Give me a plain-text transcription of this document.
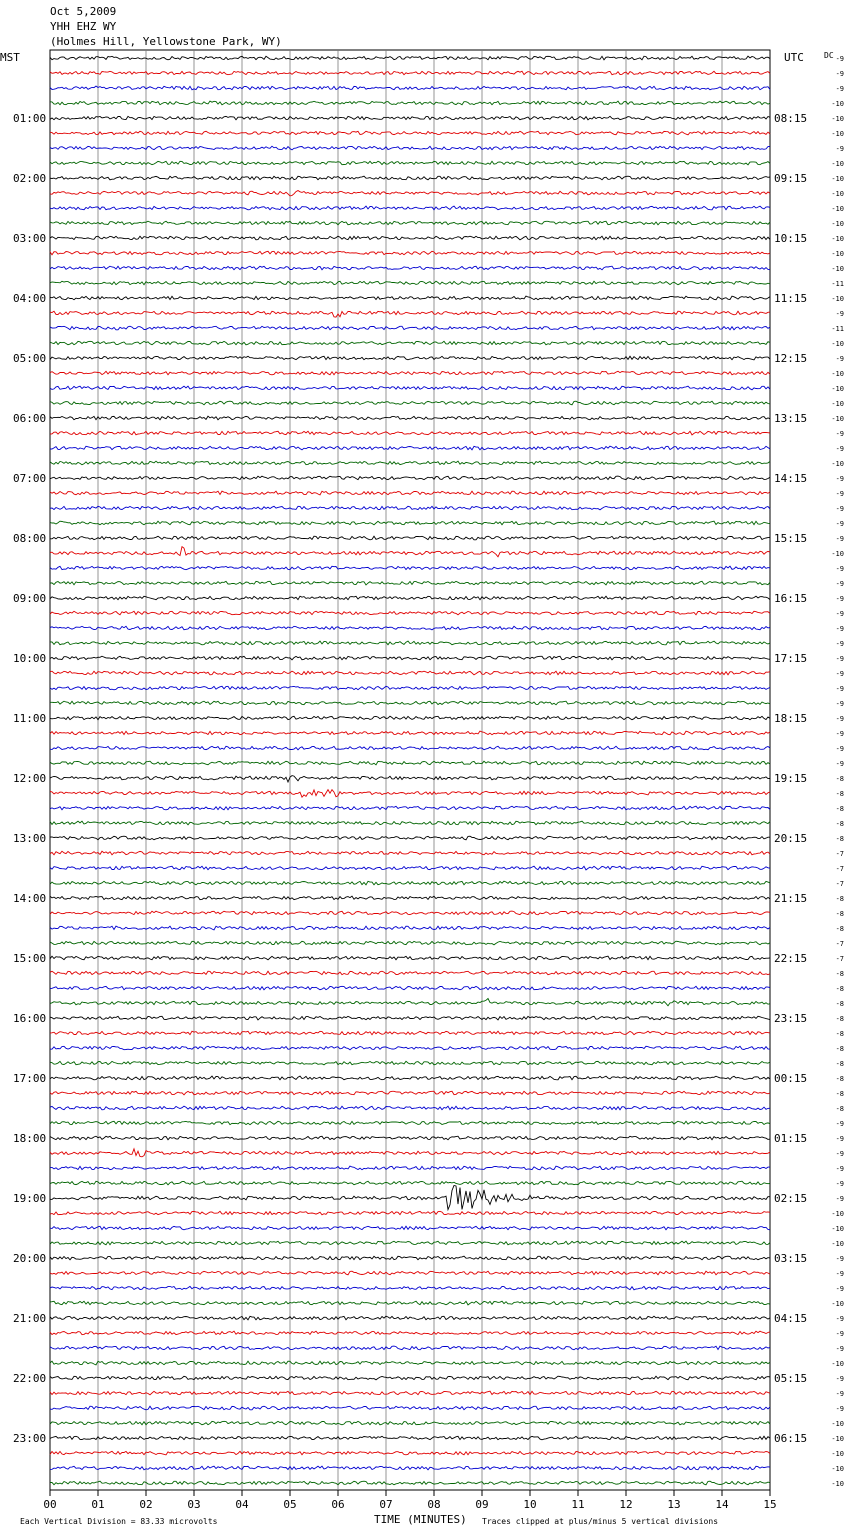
Oct 5,2009
YHH EHZ WY
(Holmes Hill, Yellowstone Park, WY)
MST	UTC	DC
01:00
02:00
03:00
04:00
05:00
06:00
07:00
08:00
09:00
10:00
11:00
12:00
13:00
14:00
15:00
16:00
17:00
18:00
19:00
20:00
21:00
22:00
23:00
08:15
09:15
10:15
11:15
12:15
13:15
14:15
15:15
16:15
17:15
18:15
19:15
20:15
21:15
22:15
23:15
00:15
01:15
02:15
03:15
04:15
05:15
06:15
-9
-9
-9
-10
-10
-10
-9
-10
-10
-10
-10
-10
-10
-10
-10
-11
-10
-9
-11
-10
-9
-10
-10
-10
-10
-9
-9
-10
-9
-9
-9
-9
-9
-10
-9
-9
-9
-9
-9
-9
-9
-9
-9
-9
-9
-9
-9
-9
-8
-8
-8
-8
-8
-7
-7
-7
-8
-8
-8
-7
-7
-8
-8
-8
-8
-8
-8
-8
-8
-8
-8
-9
-9
-9
-9
-9
-9
-10
-10
-10
-9
-9
-9
-10
-9
-9
-9
-10
-9
-9
-9
-10
-10
-10
-10
-10
00	01	02	03	04	05	06	07	08	09	10	11	12	13	14	15
TIME (MINUTES)
Each Vertical Division = 83.33 microvolts	Traces clipped at plus/minus 5 vertical divisions
